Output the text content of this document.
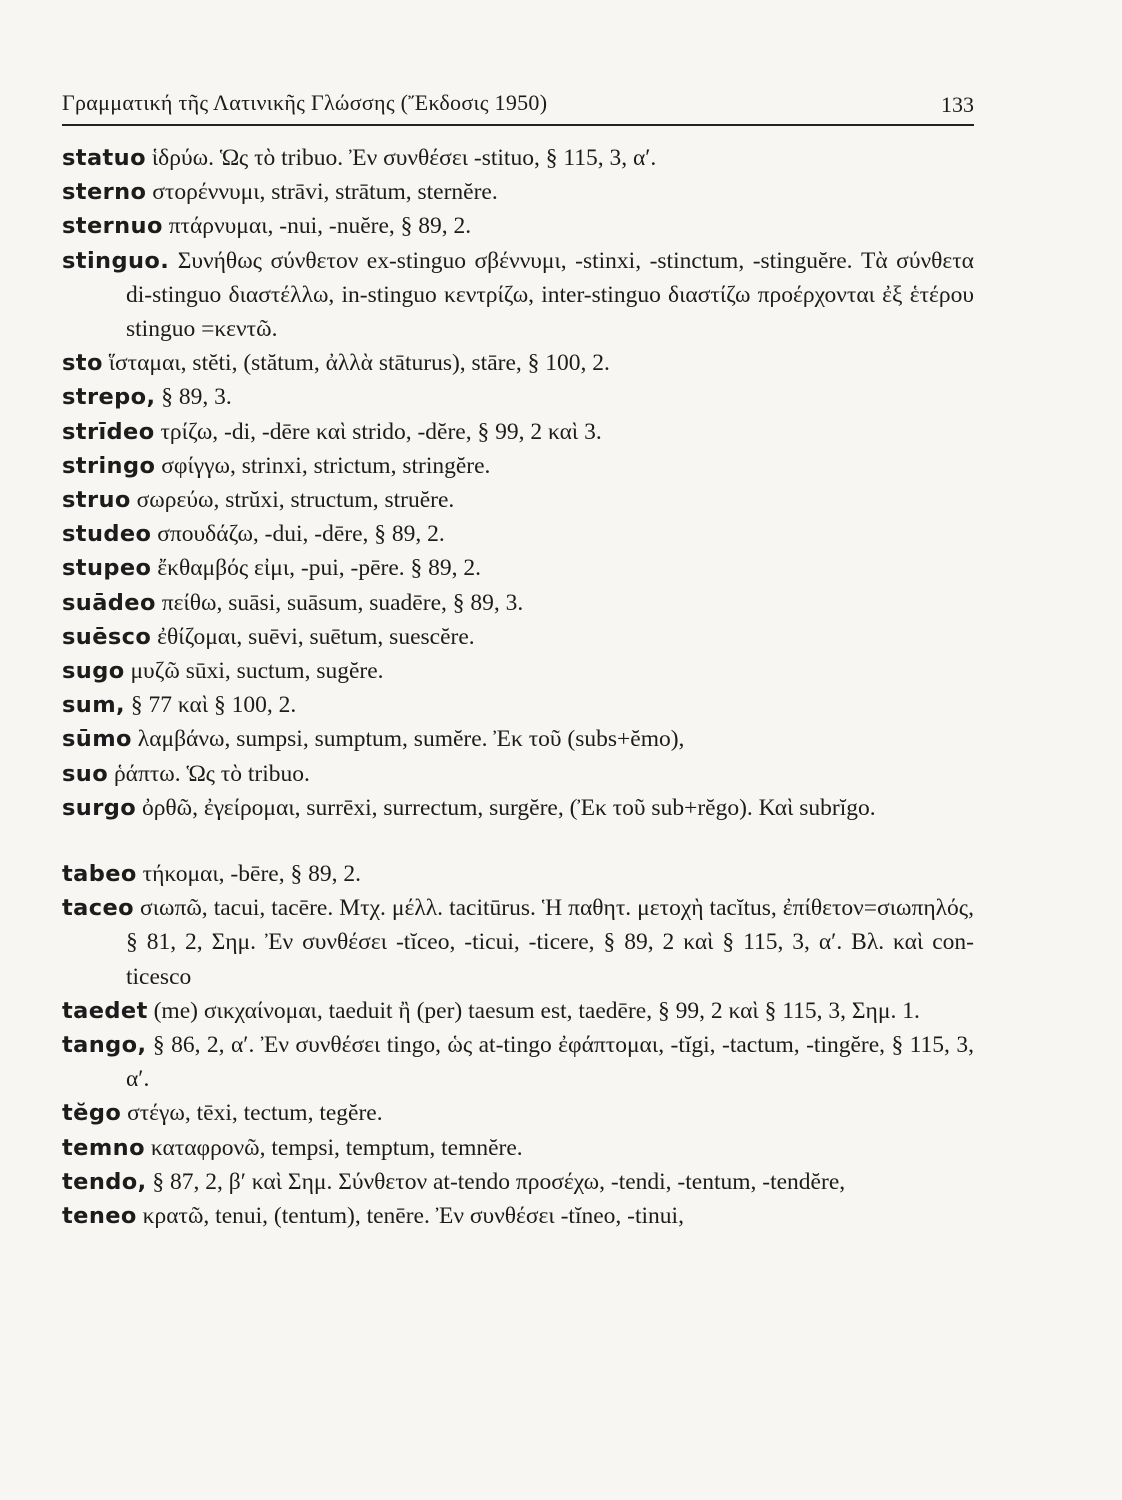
Γραμματική τῆς Λατινικῆς Γλώσσης (Ἔκδοσις 1950)	133
statuo ἱδρύω. Ὡς τὸ tribuo. Ἐν συνθέσει -stituo, § 115, 3, α′.
sterno στορέννυμι, strāvi, strātum, sternĕre.
sternuo πτάρνυμαι, -nui, -nuĕre, § 89, 2.
stinguo. Συνήθως σύνθετον ex-stinguo σβέννυμι, -stinxi, -stinctum, -stinguĕre. Τὰ σύνθετα di-stinguo διαστέλλω, in-stinguo κεντρίζω, inter-stinguo διαστίζω προέρχονται ἐξ ἑτέρου stinguo =κεντῶ.
sto ἵσταμαι, stĕti, (stătum, ἀλλὰ stāturus), stāre, § 100, 2.
strepo, § 89, 3.
strīdeo τρίζω, -di, -dēre καὶ strido, -dĕre, § 99, 2 καὶ 3.
stringo σφίγγω, strinxi, strictum, stringĕre.
struo σωρεύω, strŭxi, structum, struĕre.
studeo σπουδάζω, -dui, -dēre, § 89, 2.
stupeo ἔκθαμβός εἰμι, -pui, -pēre. § 89, 2.
suādeo πείθω, suāsi, suāsum, suadēre, § 89, 3.
suēsco ἐθίζομαι, suēvi, suētum, suescĕre.
sugo μυζῶ sūxi, suctum, sugĕre.
sum, § 77 καὶ § 100, 2.
sūmo λαμβάνω, sumpsi, sumptum, sumĕre. Ἐκ τοῦ (subs+ĕmo),
suo ῥάπτω. Ὡς τὸ tribuo.
surgo ὀρθῶ, ἐγείρομαι, surrēxi, surrectum, surgĕre, (Ἐκ τοῦ sub+rĕgo). Καὶ subrĭgo.
tabeo τήκομαι, -bēre, § 89, 2.
taceo σιωπῶ, tacui, tacēre. Μτχ. μέλλ. tacitūrus. Ἡ παθητ. μετοχὴ tacĭtus, ἐπίθετον=σιωπηλός, § 81, 2, Σημ. Ἐν συνθέσει -tĭceo, -ticui, -ticere, § 89, 2 καὶ § 115, 3, α′. Βλ. καὶ con-ticesco
taedet (me) σικχαίνομαι, taeduit ἢ (per) taesum est, taedēre, § 99, 2 καὶ § 115, 3, Σημ. 1.
tango, § 86, 2, α′. Ἐν συνθέσει tingo, ὡς at-tingo ἐφάπτομαι, -tĭgi, -tactum, -tingĕre, § 115, 3, α′.
tĕgo στέγω, tēxi, tectum, tegĕre.
temno καταφρονῶ, tempsi, temptum, temnĕre.
tendo, § 87, 2, β′ καὶ Σημ. Σύνθετον at-tendo προσέχω, -tendi, -tentum, -tendĕre,
teneo κρατῶ, tenui, (tentum), tenēre. Ἐν συνθέσει -tĭneo, -tinui,
